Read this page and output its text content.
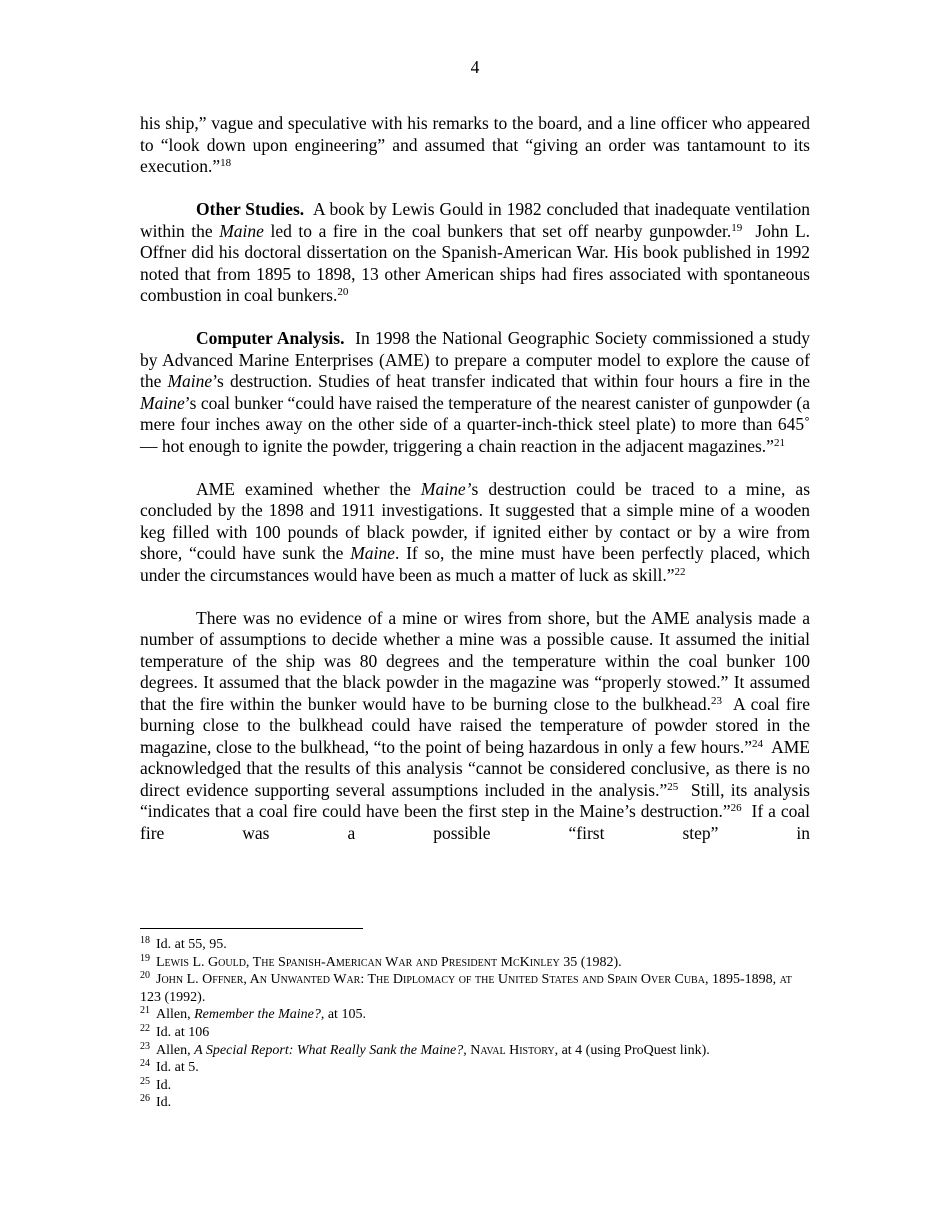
4

his ship,” vague and speculative with his remarks to the board, and a line officer who appeared to “look down upon engineering” and assumed that “giving an order was tantamount to its execution.”$^{18}$

Other Studies. A book by Lewis Gould in 1982 concluded that inadequate ventilation within the Maine led to a fire in the coal bunkers that set off nearby gunpowder.$^{19}$ John L. Offner did his doctoral dissertation on the Spanish-American War. His book published in 1992 noted that from 1895 to 1898, 13 other American ships had fires associated with spontaneous combustion in coal bunkers.$^{20}$

Computer Analysis. In 1998 the National Geographic Society commissioned a study by Advanced Marine Enterprises (AME) to prepare a computer model to explore the cause of the Maine’s destruction. Studies of heat transfer indicated that within four hours a fire in the Maine’s coal bunker “could have raised the temperature of the nearest canister of gunpowder (a mere four inches away on the other side of a quarter-inch-thick steel plate) to more than 645˚ — hot enough to ignite the powder, triggering a chain reaction in the adjacent magazines.”$^{21}$

AME examined whether the Maine’s destruction could be traced to a mine, as concluded by the 1898 and 1911 investigations. It suggested that a simple mine of a wooden keg filled with 100 pounds of black powder, if ignited either by contact or by a wire from shore, “could have sunk the Maine. If so, the mine must have been perfectly placed, which under the circumstances would have been as much a matter of luck as skill.”$^{22}$

There was no evidence of a mine or wires from shore, but the AME analysis made a number of assumptions to decide whether a mine was a possible cause. It assumed the initial temperature of the ship was 80 degrees and the temperature within the coal bunker 100 degrees. It assumed that the black powder in the magazine was “properly stowed.” It assumed that the fire within the bunker would have to be burning close to the bulkhead.$^{23}$ A coal fire burning close to the bulkhead could have raised the temperature of powder stored in the magazine, close to the bulkhead, “to the point of being hazardous in only a few hours.”$^{24}$ AME acknowledged that the results of this analysis “cannot be considered conclusive, as there is no direct evidence supporting several assumptions included in the analysis.”$^{25}$ Still, its analysis “indicates that a coal fire could have been the first step in the Maine’s destruction.”$^{26}$ If a coal fire was a possible “first step” in

$^{18}$ Id. at 55, 95.

$^{19}$ Lewis L. Gould, The Spanish-American War and President McKinley 35 (1982).

$^{20}$ John L. Offner, An Unwanted War: The Diplomacy of the United States and Spain Over Cuba, 1895-1898, at 123 (1992).

$^{21}$ Allen, Remember the Maine?, at 105.

$^{22}$ Id. at 106

$^{23}$ Allen, A Special Report: What Really Sank the Maine?, Naval History, at 4 (using ProQuest link).

$^{24}$ Id. at 5.

$^{25}$ Id.

$^{26}$ Id.
